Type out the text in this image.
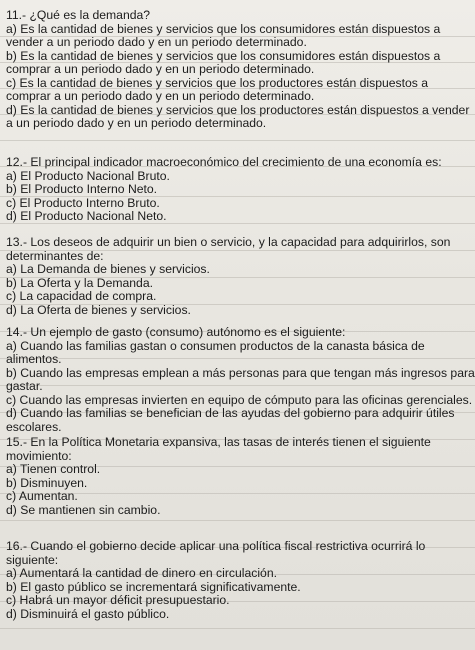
11.- ¿Qué es la demanda?

a) Es la cantidad de bienes y servicios que los consumidores están dispuestos a

vender a un periodo dado y en un periodo determinado.

b) Es la cantidad de bienes y servicios que los consumidores están dispuestos a

comprar a un periodo dado y en un periodo determinado.

c) Es la cantidad de bienes y servicios que los productores están dispuestos a

comprar a un periodo dado y en un periodo determinado.

d) Es la cantidad de bienes y servicios que los productores están dispuestos a vender

a un periodo dado y en un periodo determinado.

12.- El principal indicador macroeconómico del crecimiento de una economía es:

a) El Producto Nacional Bruto.

b) El Producto Interno Neto.

c) El Producto Interno Bruto.

d) El Producto Nacional Neto.

13.- Los deseos de adquirir un bien o servicio, y la capacidad para adquirirlos, son

determinantes de:

a) La Demanda de bienes y servicios.

b) La Oferta y la Demanda.

c) La capacidad de compra.

d) La Oferta de bienes y servicios.

14.- Un ejemplo de gasto (consumo) autónomo es el siguiente:

a) Cuando las familias gastan o consumen productos de la canasta básica de

alimentos.

b) Cuando las empresas emplean a más personas para que tengan más ingresos para

gastar.

c) Cuando las empresas invierten en equipo de cómputo para las oficinas gerenciales.

d) Cuando las familias se benefician de las ayudas del gobierno para adquirir útiles

escolares.

15.- En la Política Monetaria expansiva, las tasas de interés tienen el siguiente

movimiento:

a) Tienen control.

b) Disminuyen.

c) Aumentan.

d) Se mantienen sin cambio.

16.- Cuando el gobierno decide aplicar una política fiscal restrictiva ocurrirá lo

siguiente:

a) Aumentará la cantidad de dinero en circulación.

b) El gasto público se incrementará significativamente.

c) Habrá un mayor déficit presupuestario.

d) Disminuirá el gasto público.
